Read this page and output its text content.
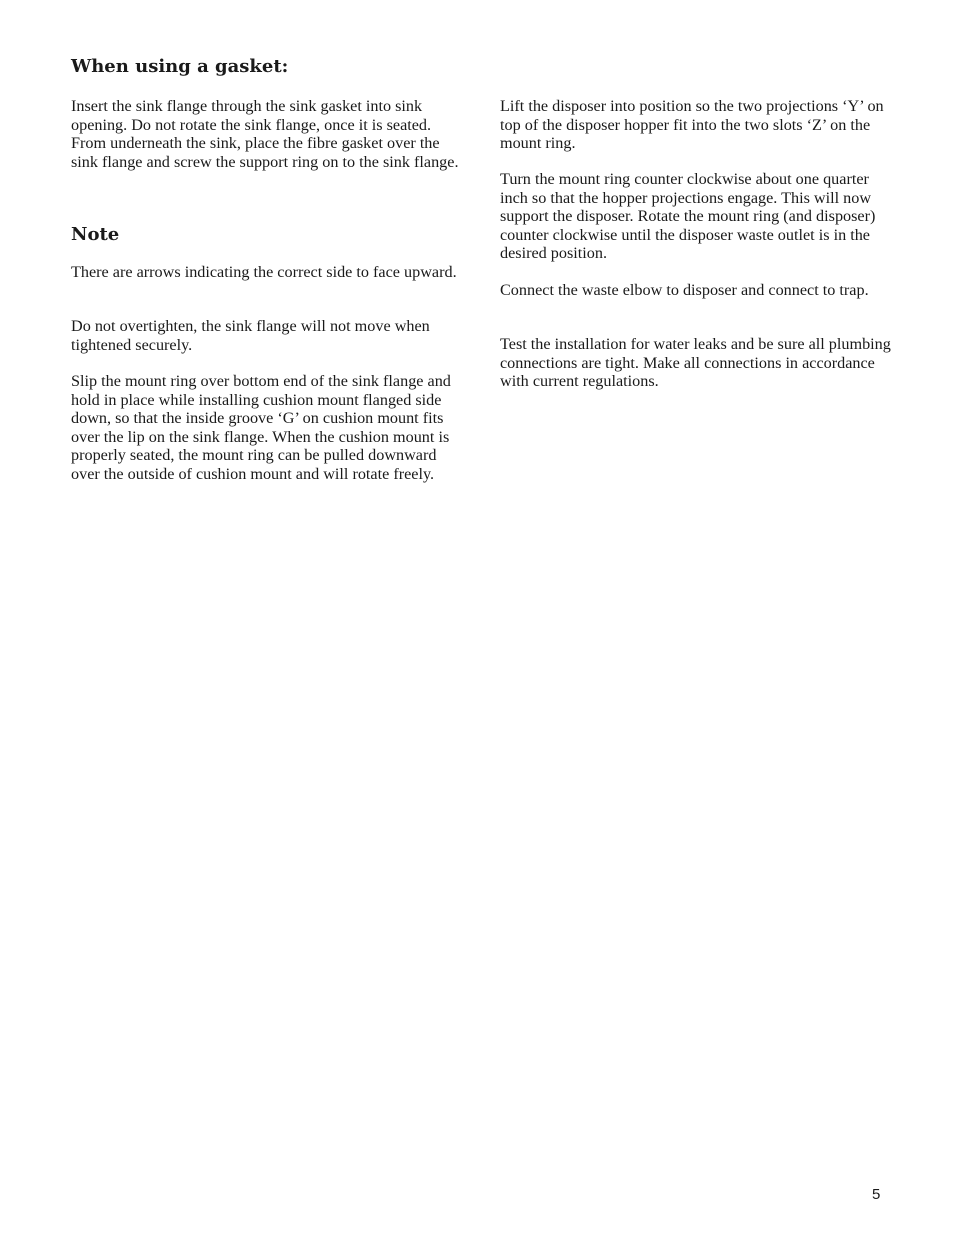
When using a gasket:

Insert the sink flange through the sink gasket into sink opening. Do not rotate the sink flange, once it is seated. From underneath the sink, place the fibre gasket over the sink flange and screw the support ring on to the sink flange.

Note

There are arrows indicating the correct side to face upward.

Do not overtighten, the sink flange will not move when tightened securely.

Slip the mount ring over bottom end of the sink flange and hold in place while installing cushion mount flanged side down, so that the inside groove ‘G’ on cushion mount fits over the lip on the sink flange. When the cushion mount is properly seated, the mount ring can be pulled downward over the outside of cushion mount and will rotate freely.

Lift the disposer into position so the two projections ‘Y’ on top of the disposer hopper fit into the two slots ‘Z’ on the mount ring.

Turn the mount ring counter clockwise about one quarter inch so that the hopper projections engage. This will now support the disposer. Rotate the mount ring (and disposer) counter clockwise until the disposer waste outlet is in the desired position.

Connect the waste elbow to disposer and connect to trap.

Test the installation for water leaks and be sure all plumbing connections are tight. Make all connections in accordance with current regulations.

5
